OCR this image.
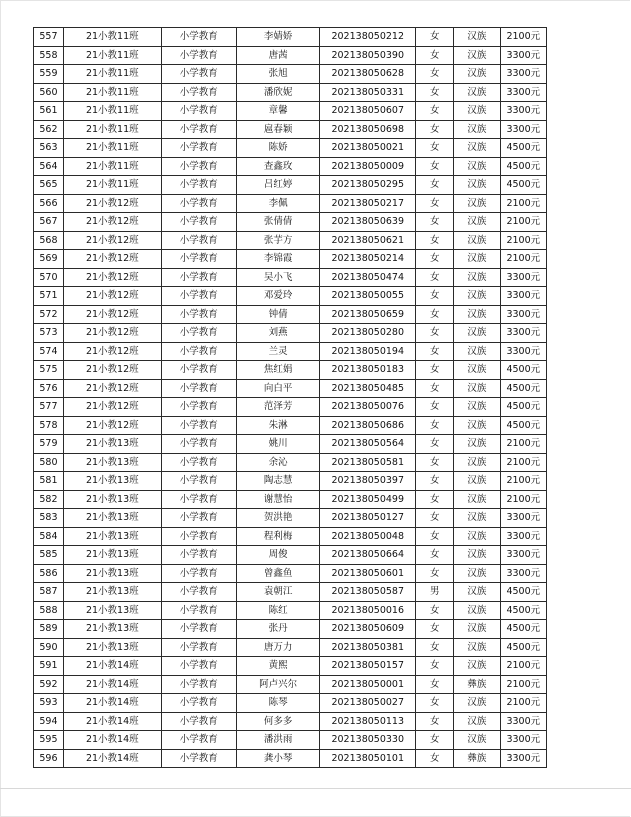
557	21小教11班	小学教育	李婧娇	202138050212	女	汉族	2100元
558	21小教11班	小学教育	唐茜	202138050390	女	汉族	3300元
559	21小教11班	小学教育	张旭	202138050628	女	汉族	3300元
560	21小教11班	小学教育	潘欣妮	202138050331	女	汉族	3300元
561	21小教11班	小学教育	章馨	202138050607	女	汉族	3300元
562	21小教11班	小学教育	扈春颖	202138050698	女	汉族	3300元
563	21小教11班	小学教育	陈娇	202138050021	女	汉族	4500元
564	21小教11班	小学教育	查鑫玫	202138050009	女	汉族	4500元
565	21小教11班	小学教育	吕红婷	202138050295	女	汉族	4500元
566	21小教12班	小学教育	李佩	202138050217	女	汉族	2100元
567	21小教12班	小学教育	张倩倩	202138050639	女	汉族	2100元
568	21小教12班	小学教育	张芋方	202138050621	女	汉族	2100元
569	21小教12班	小学教育	李锦霞	202138050214	女	汉族	2100元
570	21小教12班	小学教育	吴小飞	202138050474	女	汉族	3300元
571	21小教12班	小学教育	邓爱玲	202138050055	女	汉族	3300元
572	21小教12班	小学教育	钟倩	202138050659	女	汉族	3300元
573	21小教12班	小学教育	刘燕	202138050280	女	汉族	3300元
574	21小教12班	小学教育	兰灵	202138050194	女	汉族	3300元
575	21小教12班	小学教育	焦红娟	202138050183	女	汉族	4500元
576	21小教12班	小学教育	向白平	202138050485	女	汉族	4500元
577	21小教12班	小学教育	范泽芳	202138050076	女	汉族	4500元
578	21小教12班	小学教育	朱淋	202138050686	女	汉族	4500元
579	21小教13班	小学教育	姚川	202138050564	女	汉族	2100元
580	21小教13班	小学教育	余沁	202138050581	女	汉族	2100元
581	21小教13班	小学教育	陶志慧	202138050397	女	汉族	2100元
582	21小教13班	小学教育	谢慧怡	202138050499	女	汉族	2100元
583	21小教13班	小学教育	贺洪艳	202138050127	女	汉族	3300元
584	21小教13班	小学教育	程利梅	202138050048	女	汉族	3300元
585	21小教13班	小学教育	周俊	202138050664	女	汉族	3300元
586	21小教13班	小学教育	曾鑫鱼	202138050601	女	汉族	3300元
587	21小教13班	小学教育	袁朝江	202138050587	男	汉族	4500元
588	21小教13班	小学教育	陈红	202138050016	女	汉族	4500元
589	21小教13班	小学教育	张丹	202138050609	女	汉族	4500元
590	21小教13班	小学教育	唐万力	202138050381	女	汉族	4500元
591	21小教14班	小学教育	黄熙	202138050157	女	汉族	2100元
592	21小教14班	小学教育	阿卢兴尔	202138050001	女	彝族	2100元
593	21小教14班	小学教育	陈琴	202138050027	女	汉族	2100元
594	21小教14班	小学教育	何多多	202138050113	女	汉族	3300元
595	21小教14班	小学教育	潘洪雨	202138050330	女	汉族	3300元
596	21小教14班	小学教育	龚小琴	202138050101	女	彝族	3300元
